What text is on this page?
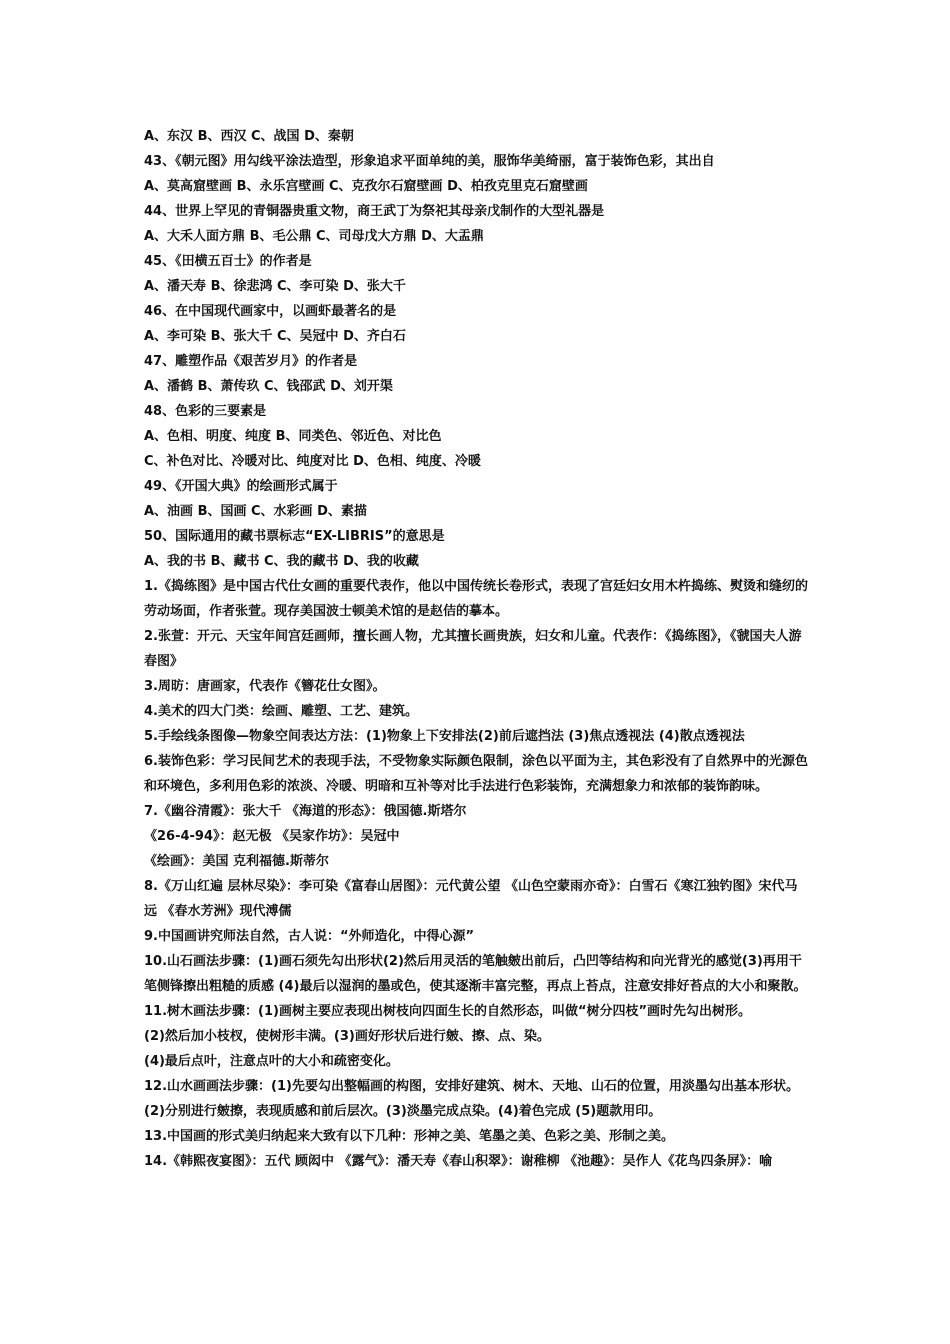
A、东汉 B、西汉 C、战国 D、秦朝
43、《朝元图》用勾线平涂法造型，形象追求平面单纯的美，服饰华美绮丽，富于装饰色彩，其出自
A、莫高窟壁画 B、永乐宫壁画 C、克孜尔石窟壁画 D、柏孜克里克石窟壁画
44、世界上罕见的青铜器贵重文物，商王武丁为祭祀其母亲戊制作的大型礼器是
A、大禾人面方鼎 B、毛公鼎 C、司母戊大方鼎 D、大盂鼎
45、《田横五百士》的作者是
A、潘天寿 B、徐悲鸿 C、李可染 D、张大千
46、在中国现代画家中，以画虾最著名的是
A、李可染 B、张大千 C、吴冠中 D、齐白石
47、雕塑作品《艰苦岁月》的作者是
A、潘鹤 B、萧传玖 C、钱邵武 D、刘开渠
48、色彩的三要素是
A、色相、明度、纯度 B、同类色、邻近色、对比色
C、补色对比、冷暖对比、纯度对比 D、色相、纯度、冷暖
49、《开国大典》的绘画形式属于
A、油画 B、国画 C、水彩画 D、素描
50、国际通用的藏书票标志“EX-LIBRIS”的意思是
A、我的书 B、藏书 C、我的藏书 D、我的收藏
1.《捣练图》是中国古代仕女画的重要代表作，他以中国传统长卷形式，表现了宫廷妇女用木杵捣练、熨烫和缝纫的劳动场面，作者张萱。现存美国波士顿美术馆的是赵佶的摹本。
2.张萱：开元、天宝年间宫廷画师，擅长画人物，尤其擅长画贵族，妇女和儿童。代表作：《捣练图》，《虢国夫人游春图》
3.周昉：唐画家，代表作《簪花仕女图》。
4.美术的四大门类：绘画、雕塑、工艺、建筑。
5.手绘线条图像—物象空间表达方法：(1)物象上下安排法(2)前后遮挡法 (3)焦点透视法 (4)散点透视法
6.装饰色彩：学习民间艺术的表现手法，不受物象实际颜色限制，涂色以平面为主，其色彩没有了自然界中的光源色和环境色，多利用色彩的浓淡、冷暖、明暗和互补等对比手法进行色彩装饰，充满想象力和浓郁的装饰韵味。
7.《幽谷清霞》：张大千 《海道的形态》：俄国德.斯塔尔
《26-4-94》：赵无极 《吴家作坊》：吴冠中
《绘画》：美国 克利福德.斯蒂尔
8.《万山红遍 层林尽染》：李可染《富春山居图》：元代黄公望 《山色空蒙雨亦奇》：白雪石《寒江独钓图》宋代马远 《春水芳洲》现代溥儒
9.中国画讲究师法自然，古人说：“外师造化，中得心源”
10.山石画法步骤：(1)画石须先勾出形状(2)然后用灵活的笔触皴出前后，凸凹等结构和向光背光的感觉(3)再用干笔侧锋擦出粗糙的质感 (4)最后以湿润的墨或色，使其逐渐丰富完整，再点上苔点，注意安排好苔点的大小和聚散。
11.树木画法步骤：(1)画树主要应表现出树枝向四面生长的自然形态，叫做“树分四枝”画时先勾出树形。
(2)然后加小枝杈，使树形丰满。(3)画好形状后进行皴、擦、点、染。
(4)最后点叶，注意点叶的大小和疏密变化。
12.山水画画法步骤：(1)先要勾出整幅画的构图，安排好建筑、树木、天地、山石的位置，用淡墨勾出基本形状。(2)分别进行皴擦，表现质感和前后层次。(3)淡墨完成点染。(4)着色完成 (5)题款用印。
13.中国画的形式美归纳起来大致有以下几种：形神之美、笔墨之美、色彩之美、形制之美。
14.《韩熙夜宴图》：五代 顾闳中 《露气》：潘天寿《春山积翠》：谢稚柳 《池趣》：吴作人《花鸟四条屏》：喻
